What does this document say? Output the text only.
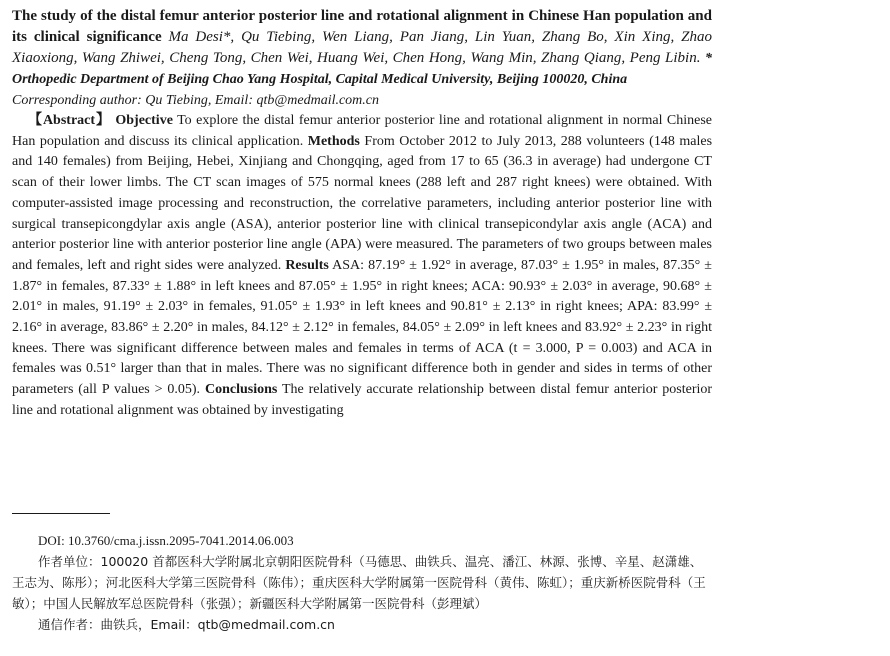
The study of the distal femur anterior posterior line and rotational alignment in Chinese Han population and its clinical significance Ma Desi*, Qu Tiebing, Wen Liang, Pan Jiang, Lin Yuan, Zhang Bo, Xin Xing, Zhao Xiaoxiong, Wang Zhiwei, Cheng Tong, Chen Wei, Huang Wei, Chen Hong, Wang Min, Zhang Qiang, Peng Libin. * Orthopedic Department of Beijing Chao Yang Hospital, Capital Medical University, Beijing 100020, China

Corresponding author: Qu Tiebing, Email: qtb@medmail.com.cn

【Abstract】 Objective To explore the distal femur anterior posterior line and rotational alignment in normal Chinese Han population and discuss its clinical application. Methods From October 2012 to July 2013, 288 volunteers (148 males and 140 females) from Beijing, Hebei, Xinjiang and Chongqing, aged from 17 to 65 (36.3 in average) had undergone CT scan of their lower limbs. The CT scan images of 575 normal knees (288 left and 287 right knees) were obtained. With computer-assisted image processing and reconstruction, the correlative parameters, including anterior posterior line with surgical transepicongdylar axis angle (ASA), anterior posterior line with clinical transepicondylar axis angle (ACA) and anterior posterior line with anterior posterior line angle (APA) were measured. The parameters of two groups between males and females, left and right sides were analyzed. Results ASA: 87.19° ± 1.92° in average, 87.03° ± 1.95° in males, 87.35° ± 1.87° in females, 87.33° ± 1.88° in left knees and 87.05° ± 1.95° in right knees; ACA: 90.93° ± 2.03° in average, 90.68° ± 2.01° in males, 91.19° ± 2.03° in females, 91.05° ± 1.93° in left knees and 90.81° ± 2.13° in right knees; APA: 83.99° ± 2.16° in average, 83.86° ± 2.20° in males, 84.12° ± 2.12° in females, 84.05° ± 2.09° in left knees and 83.92° ± 2.23° in right knees. There was significant difference between males and females in terms of ACA (t = 3.000, P = 0.003) and ACA in females was 0.51° larger than that in males. There was no significant difference both in gender and sides in terms of other parameters (all P values > 0.05). Conclusions The relatively accurate relationship between distal femur anterior posterior line and rotational alignment was obtained by investigating

DOI: 10.3760/cma.j.issn.2095-7041.2014.06.003

作者单位：100020 首都医科大学附属北京朝阳医院骨科（马德思、曲铁兵、温亮、潘江、林源、张博、辛星、赵潇雄、王志为、陈彤）；河北医科大学第三医院骨科（陈伟）；重庆医科大学附属第一医院骨科（黄伟、陈虹）；重庆新桥医院骨科（王敏）；中国人民解放军总医院骨科（张强）；新疆医科大学附属第一医院骨科（彭理斌）

通信作者：曲铁兵，Email：qtb@medmail.com.cn
